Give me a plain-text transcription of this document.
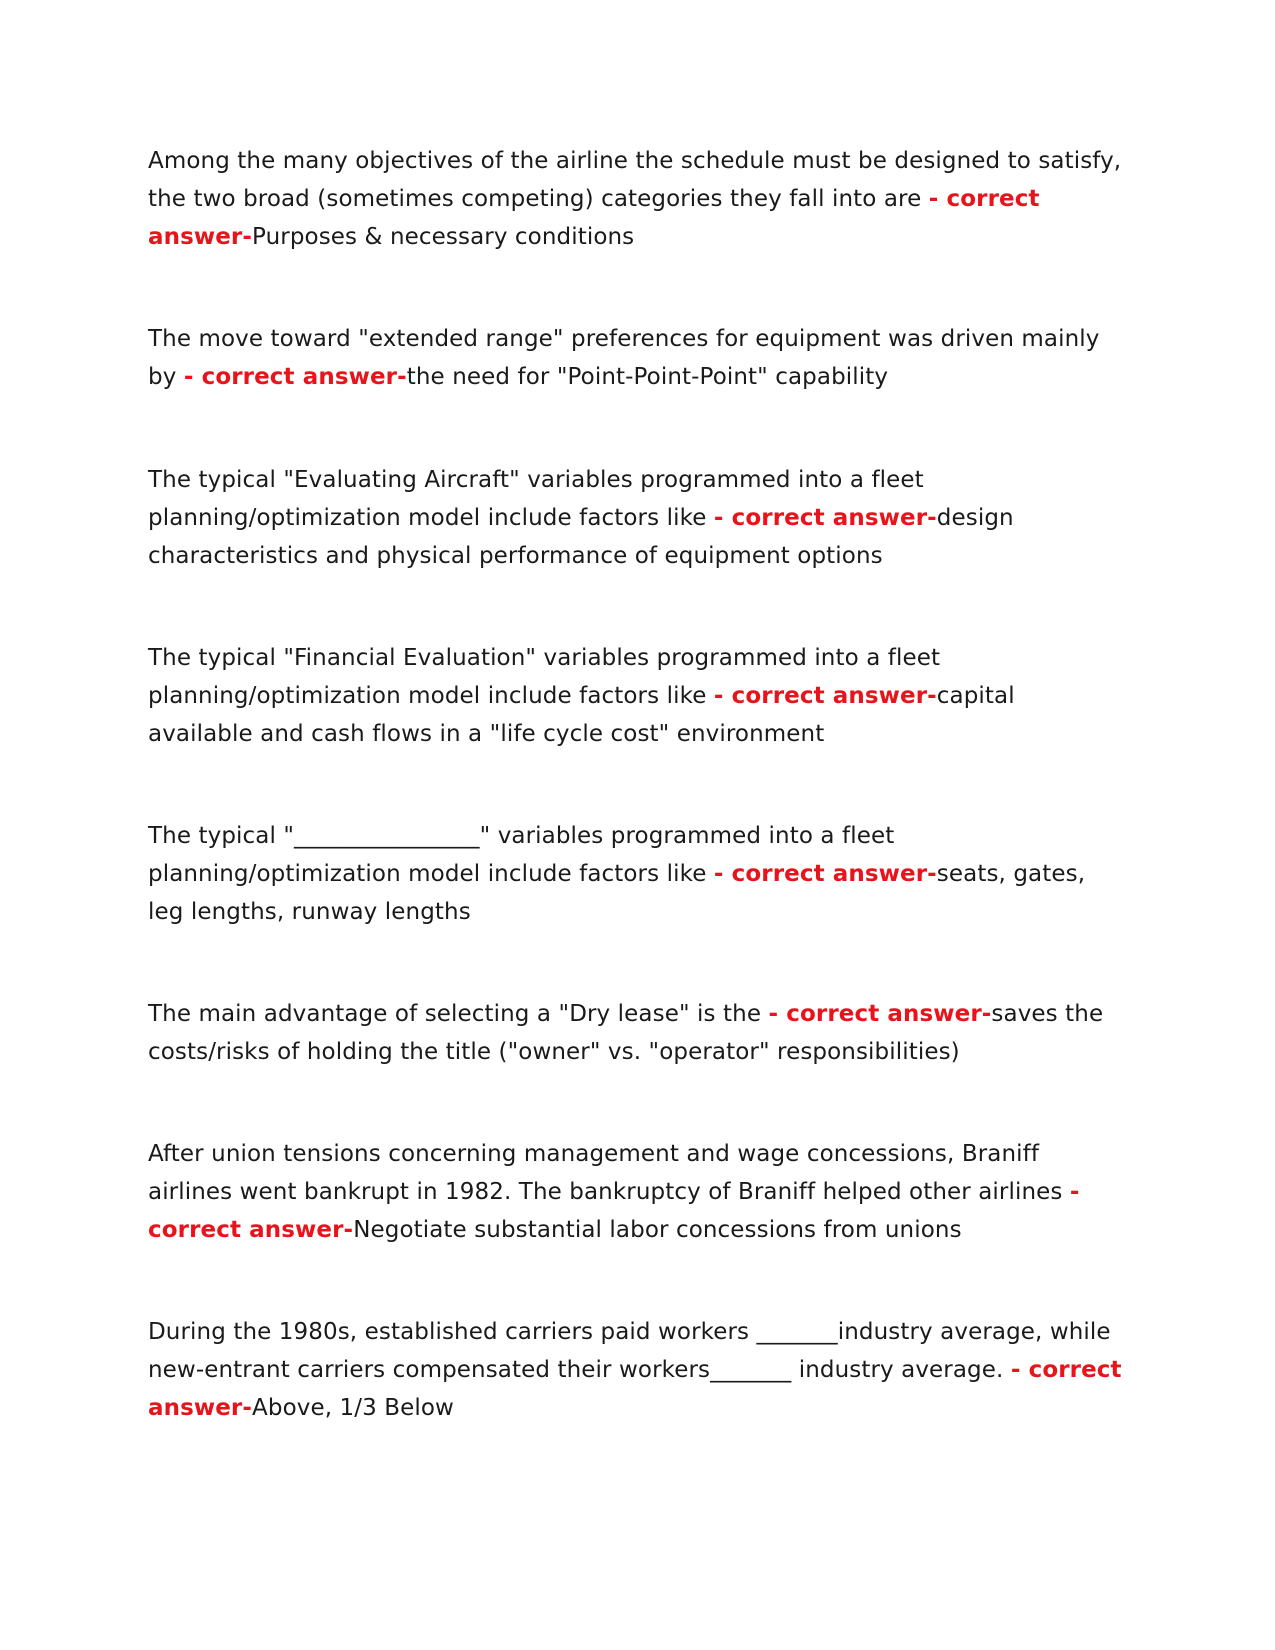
Among the many objectives of the airline the schedule must be designed to satisfy, the two broad (sometimes competing) categories they fall into are - correct answer-Purposes & necessary conditions

The move toward "extended range" preferences for equipment was driven mainly by - correct answer-the need for "Point-Point-Point" capability

The typical "Evaluating Aircraft" variables programmed into a fleet planning/optimization model include factors like - correct answer-design characteristics and physical performance of equipment options

The typical "Financial Evaluation" variables programmed into a fleet planning/optimization model include factors like - correct answer-capital available and cash flows in a "life cycle cost" environment

The typical "________________" variables programmed into a fleet planning/optimization model include factors like - correct answer-seats, gates, leg lengths, runway lengths

The main advantage of selecting a "Dry lease" is the - correct answer-saves the costs/risks of holding the title ("owner" vs. "operator" responsibilities)

After union tensions concerning management and wage concessions, Braniff airlines went bankrupt in 1982. The bankruptcy of Braniff helped other airlines - correct answer-Negotiate substantial labor concessions from unions

During the 1980s, established carriers paid workers _______industry average, while new-entrant carriers compensated their workers_______ industry average. - correct answer-Above, 1/3 Below
